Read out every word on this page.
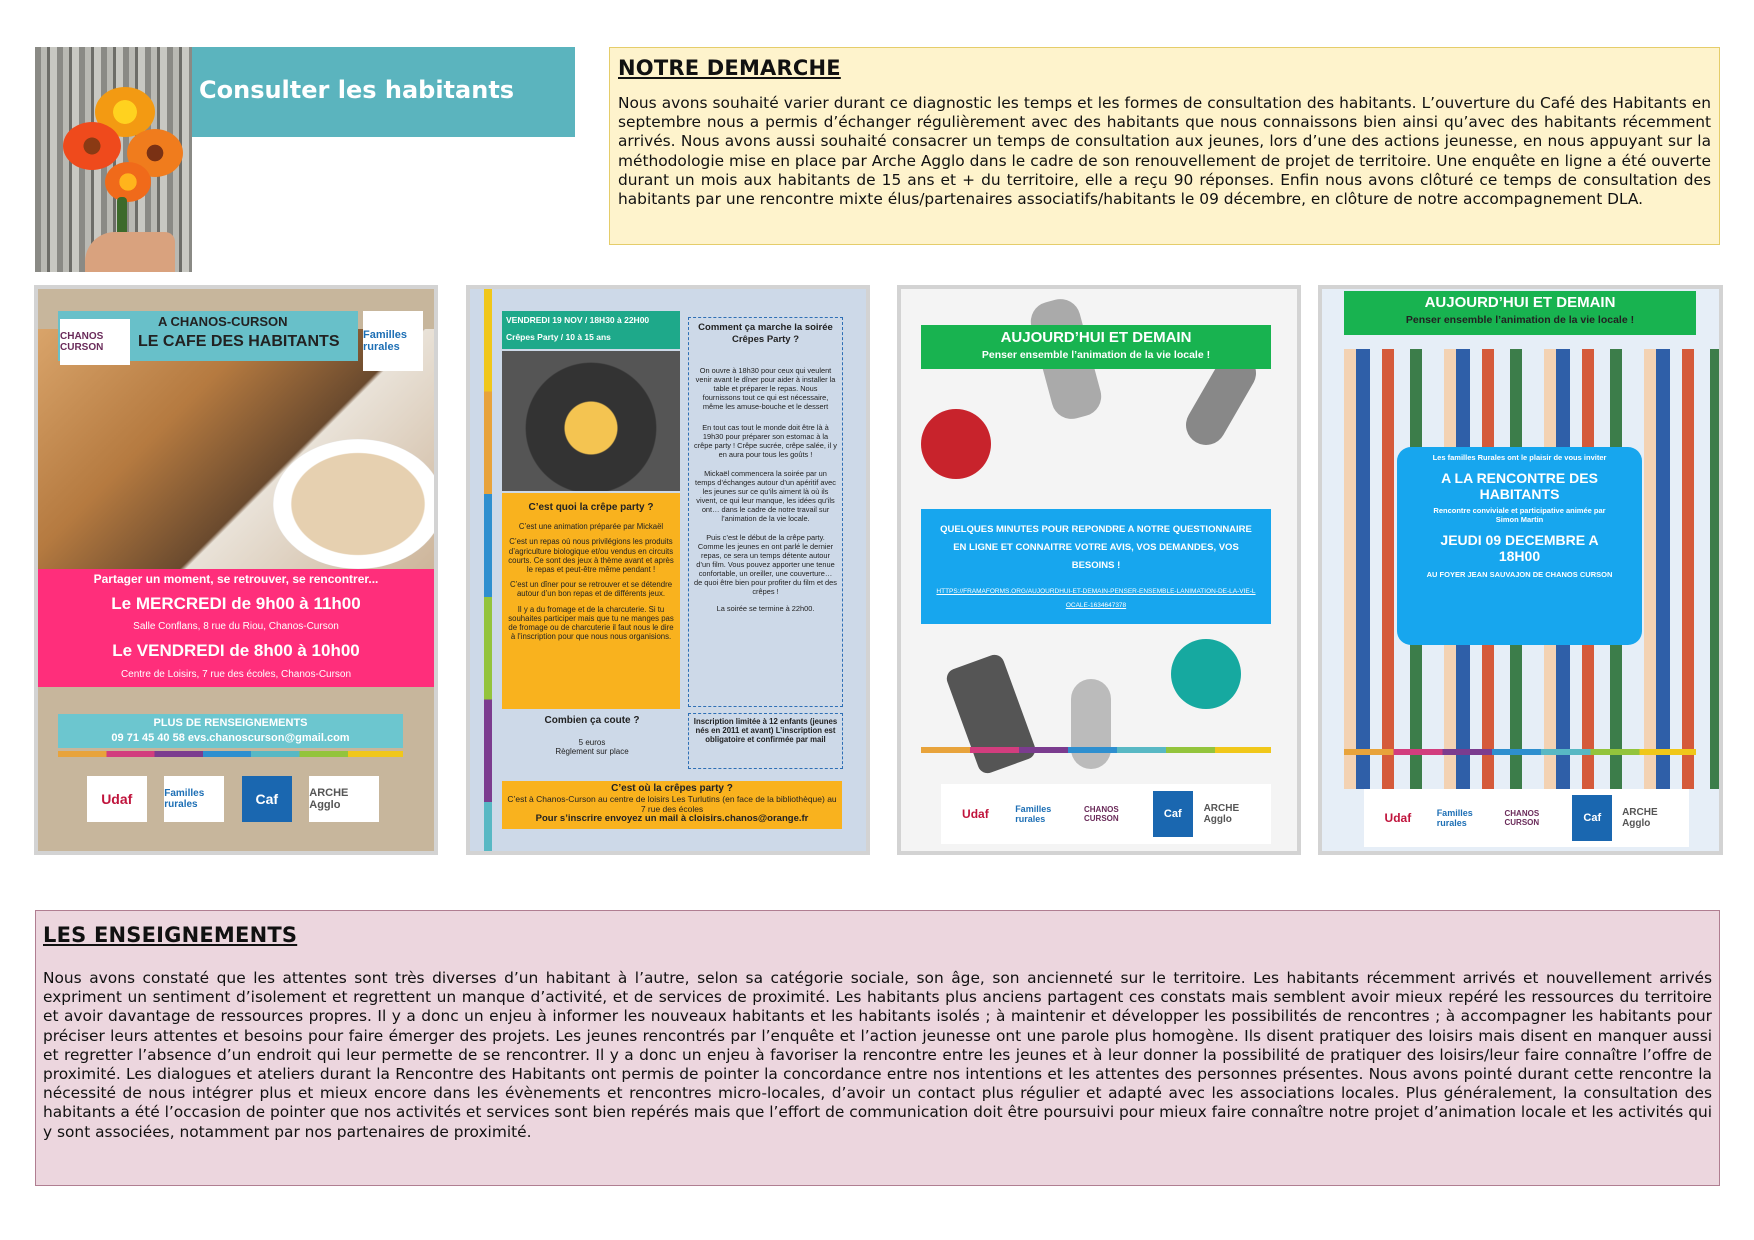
Consulter les habitants
NOTRE DEMARCHE
Nous avons souhaité varier durant ce diagnostic les temps et les formes de consultation des habitants. L’ouverture du Café des Habitants en septembre nous a permis d’échanger régulièrement avec des habitants que nous connaissons bien ainsi qu’avec des habitants récemment arrivés. Nous avons aussi souhaité consacrer un temps de consultation aux jeunes, lors d’une des actions jeunesse, en nous appuyant sur la méthodologie mise en place par Arche Agglo dans le cadre de son renouvellement de projet de territoire. Une enquête en ligne a été ouverte durant un mois aux habitants de 15 ans et + du territoire, elle a reçu 90 réponses. Enfin nous avons clôturé ce temps de consultation des habitants par une rencontre mixte élus/partenaires associatifs/habitants le 09 décembre, en clôture de notre accompagnement DLA.
A CHANOS-CURSON
LE CAFE DES HABITANTS
CHANOS CURSON
Familles rurales
Partager un moment, se retrouver, se rencontrer...
Le MERCREDI de 9h00 à 11h00
Salle Conflans, 8 rue du Riou, Chanos-Curson
Le VENDREDI de 8h00 à 10h00
Centre de Loisirs, 7 rue des écoles, Chanos-Curson
PLUS DE RENSEIGNEMENTS
09 71 45 40 58 evs.chanoscurson@gmail.com
Udaf	Familles rurales	Caf	ARCHE Agglo
VENDREDI 19 NOV / 18H30 à 22H00
Crêpes Party / 10 à 15 ans
C’est quoi la crêpe party ?
C’est une animation préparée par Mickaël
C’est un repas où nous privilégions les produits d’agriculture biologique et/ou vendus en circuits courts. Ce sont des jeux à thème avant et après le repas et peut-être même pendant !
C’est un dîner pour se retrouver et se détendre autour d’un bon repas et de différents jeux.
Il y a du fromage et de la charcuterie. Si tu souhaites participer mais que tu ne manges pas de fromage ou de charcuterie il faut nous le dire à l’inscription pour que nous nous organisions.
Combien ça coute ?
5 euros
Règlement sur place
Comment ça marche la soirée Crêpes Party ?
On ouvre à 18h30 pour ceux qui veulent venir avant le dîner pour aider à installer la table et préparer le repas. Nous fournissons tout ce qui est nécessaire, même les amuse-bouche et le dessert
En tout cas tout le monde doit être là à 19h30 pour préparer son estomac à la crêpe party ! Crêpe sucrée, crêpe salée, il y en aura pour tous les goûts !
Mickaël commencera la soirée par un temps d’échanges autour d’un apéritif avec les jeunes sur ce qu’ils aiment là où ils vivent, ce qui leur manque, les idées qu’ils ont… dans le cadre de notre travail sur l’animation de la vie locale.
Puis c’est le début de la crêpe party. Comme les jeunes en ont parlé le dernier repas, ce sera un temps détente autour d’un film. Vous pouvez apporter une tenue confortable, un oreiller, une couverture… de quoi être bien pour profiter du film et des crêpes !
La soirée se termine à 22h00.
Inscription limitée à 12 enfants (jeunes nés en 2011 et avant) L’inscription est obligatoire et confirmée par mail
C’est où la crêpes party ?
C’est à Chanos-Curson au centre de loisirs Les Turlutins (en face de la bibliothèque) au 7 rue des écoles
Pour s’inscrire envoyez un mail à cloisirs.chanos@orange.fr
AUJOURD’HUI ET DEMAIN
Penser ensemble l’animation de la vie locale !
QUELQUES MINUTES POUR REPONDRE A NOTRE QUESTIONNAIRE EN LIGNE ET CONNAITRE VOTRE AVIS, VOS DEMANDES, VOS BESOINS !
HTTPS://FRAMAFORMS.ORG/AUJOURDHUI-ET-DEMAIN-PENSER-ENSEMBLE-LANIMATION-DE-LA-VIE-LOCALE-1634647378
Udaf	Familles rurales
CHANOS CURSON	Caf	ARCHE Agglo
AUJOURD’HUI ET DEMAIN
Penser ensemble l’animation de la vie locale !
Les familles Rurales ont le plaisir de vous inviter
A LA RENCONTRE DES HABITANTS
Rencontre conviviale et participative animée par Simon Martin
JEUDI 09 DECEMBRE A 18H00
AU FOYER JEAN SAUVAJON DE CHANOS CURSON
Udaf	Familles rurales
CHANOS CURSON	Caf	ARCHE Agglo
LES ENSEIGNEMENTS
Nous avons constaté que les attentes sont très diverses d’un habitant à l’autre, selon sa catégorie sociale, son âge, son ancienneté sur le territoire. Les habitants récemment arrivés et nouvellement arrivés expriment un sentiment d’isolement et regrettent un manque d’activité, et de services de proximité. Les habitants plus anciens partagent ces constats mais semblent avoir mieux repéré les ressources du territoire et avoir davantage de ressources propres. Il y a donc un enjeu à informer les nouveaux habitants et les habitants isolés ; à maintenir et développer les possibilités de rencontres ; à accompagner les habitants pour préciser leurs attentes et besoins pour faire émerger des projets. Les jeunes rencontrés par l’enquête et l’action jeunesse ont une parole plus homogène. Ils disent pratiquer des loisirs mais disent en manquer aussi et regretter l’absence d’un endroit qui leur permette de se rencontrer. Il y a donc un enjeu à favoriser la rencontre entre les jeunes et à leur donner la possibilité de pratiquer des loisirs/leur faire connaître l’offre de proximité. Les dialogues et ateliers durant la Rencontre des Habitants ont permis de pointer la concordance entre nos intentions et les attentes des personnes présentes. Nous avons pointé durant cette rencontre la nécessité de nous intégrer plus et mieux encore dans les évènements et rencontres micro-locales, d’avoir un contact plus régulier et adapté avec les associations locales. Plus généralement, la consultation des habitants a été l’occasion de pointer que nos activités et services sont bien repérés mais que l’effort de communication doit être poursuivi pour mieux faire connaître notre projet d’animation locale et les activités qui y sont associées, notamment par nos partenaires de proximité.
